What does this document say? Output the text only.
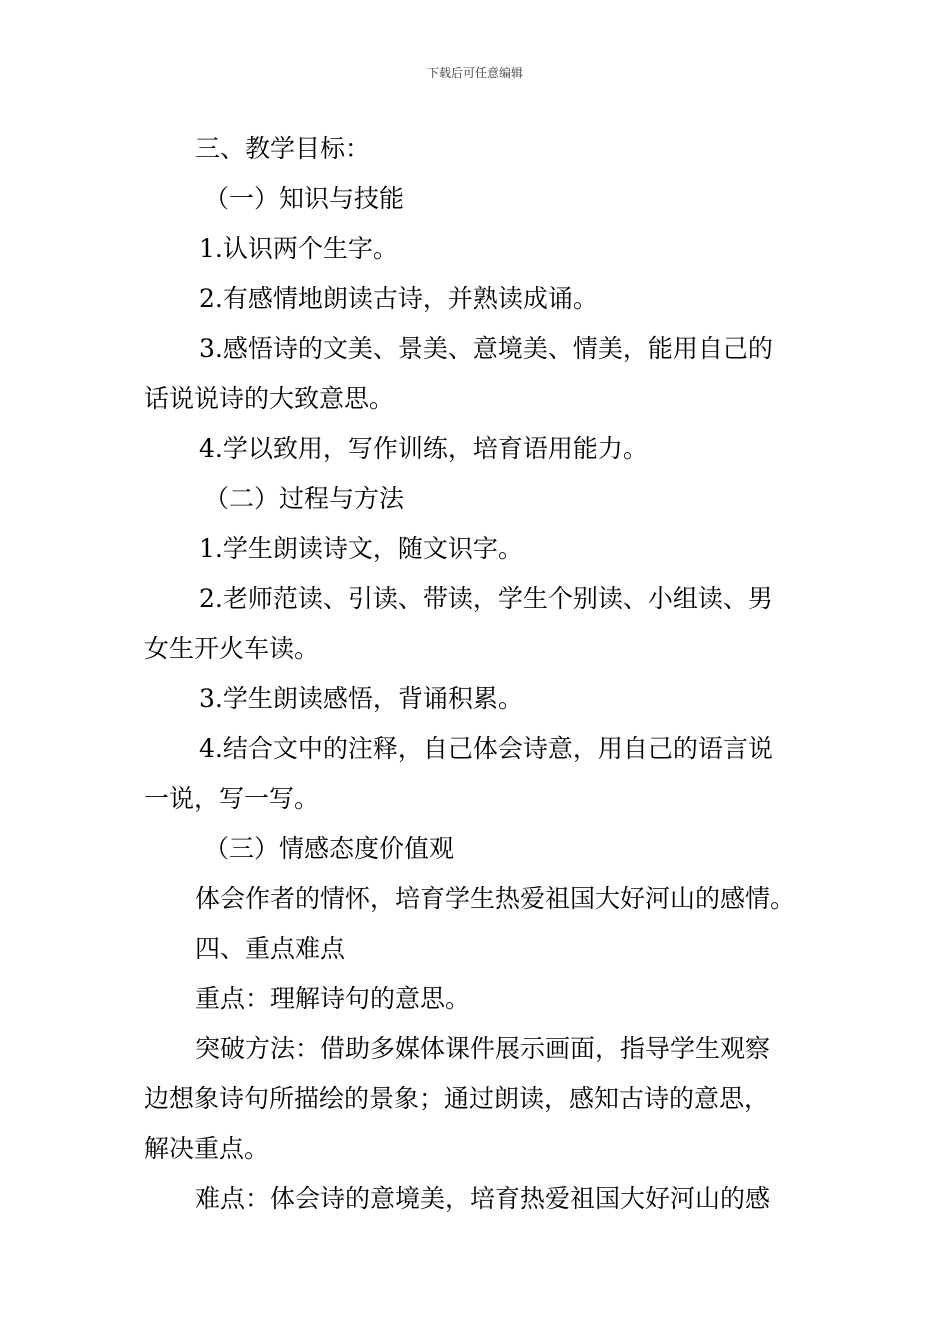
下载后可任意编辑
三、教学目标：
（一）知识与技能
1.认识两个生字。
2.有感情地朗读古诗，并熟读成诵。
3.感悟诗的文美、景美、意境美、情美，能用自己的
话说说诗的大致意思。
4.学以致用，写作训练，培育语用能力。
（二）过程与方法
1.学生朗读诗文，随文识字。
2.老师范读、引读、带读，学生个别读、小组读、男
女生开火车读。
3.学生朗读感悟，背诵积累。
4.结合文中的注释，自己体会诗意，用自己的语言说
一说，写一写。
（三）情感态度价值观
体会作者的情怀，培育学生热爱祖国大好河山的感情。
四、重点难点
重点：理解诗句的意思。
突破方法：借助多媒体课件展示画面，指导学生观察
边想象诗句所描绘的景象；通过朗读，感知古诗的意思，
解决重点。
难点：体会诗的意境美，培育热爱祖国大好河山的感
